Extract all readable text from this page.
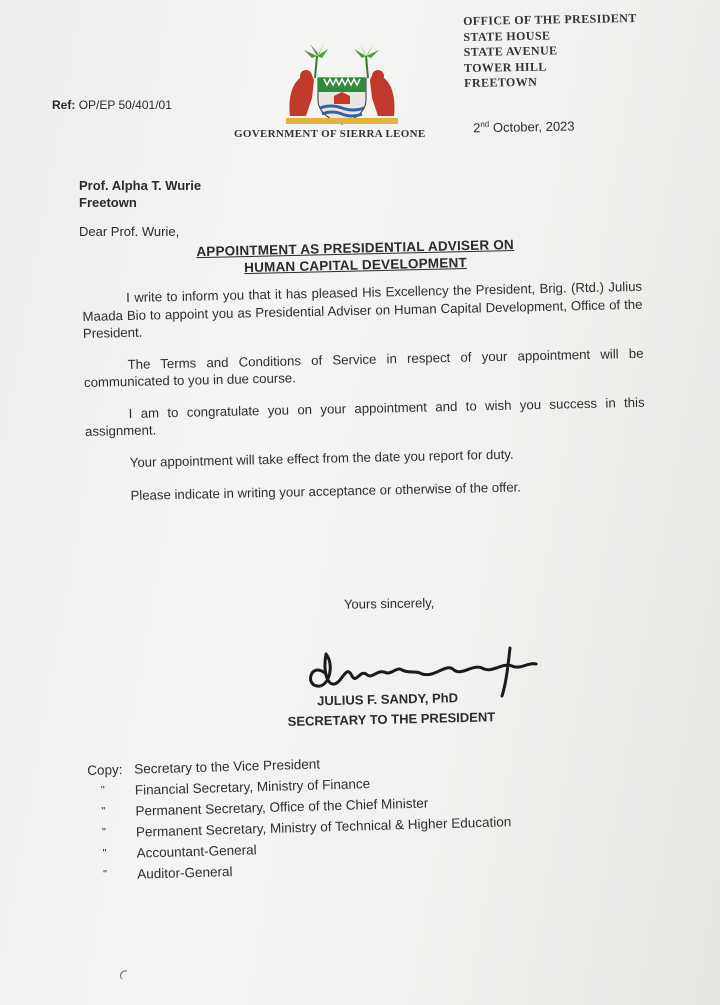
Ref: OP/EP 50/401/01
OFFICE OF THE PRESIDENT
STATE HOUSE
STATE AVENUE
TOWER HILL
FREETOWN
GOVERNMENT OF SIERRA LEONE	2nd October, 2023
Prof. Alpha T. Wurie
Freetown
Dear Prof. Wurie,
APPOINTMENT AS PRESIDENTIAL ADVISER ON
HUMAN CAPITAL DEVELOPMENT

I write to inform you that it has pleased His Excellency the President, Brig. (Rtd.) Julius Maada Bio to appoint you as Presidential Adviser on Human Capital Development, Office of the President.

The Terms and Conditions of Service in respect of your appointment will be communicated to you in due course.

I am to congratulate you on your appointment and to wish you success in this assignment.

Your appointment will take effect from the date you report for duty.

Please indicate in writing your acceptance or otherwise of the offer.

Yours sincerely,
JULIUS F. SANDY, PhD
SECRETARY TO THE PRESIDENT
Copy: Secretary to the Vice President
"	Financial Secretary, Ministry of Finance
"	Permanent Secretary, Office of the Chief Minister
"	Permanent Secretary, Ministry of Technical & Higher Education
"	Accountant-General
"	Auditor-General
